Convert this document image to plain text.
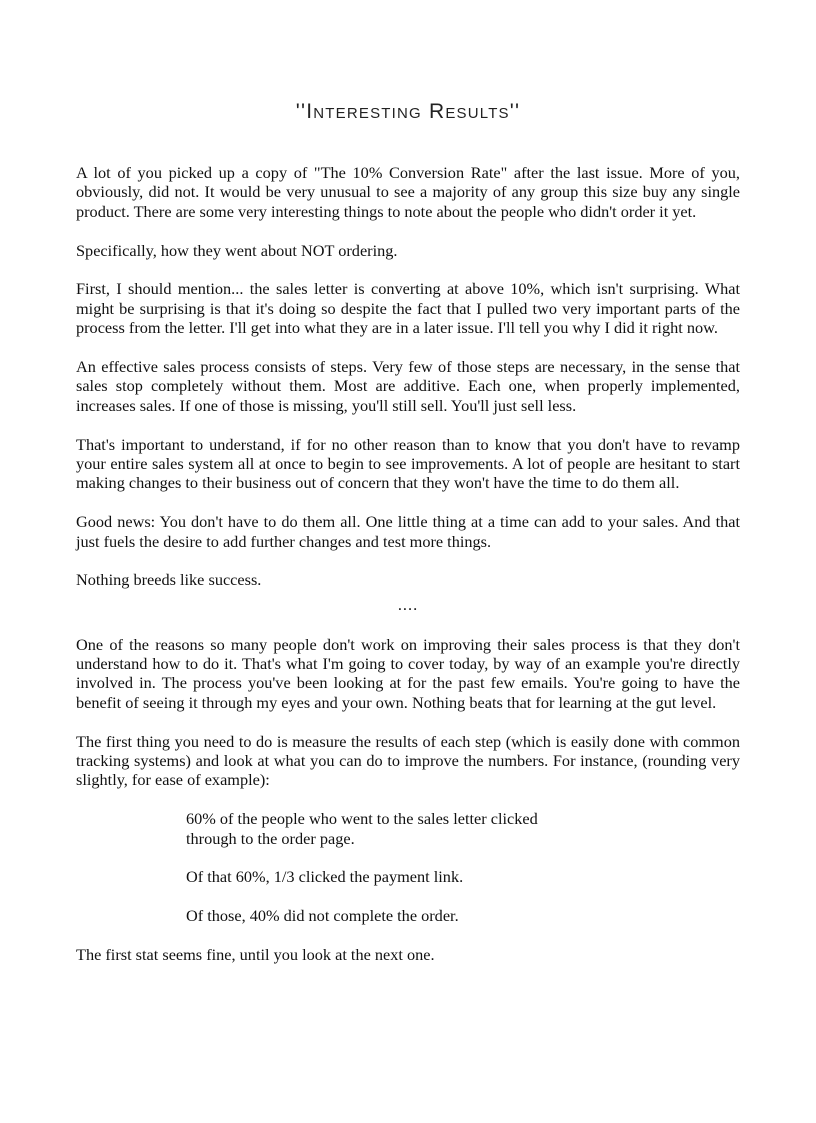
''Interesting Results''

A lot of you picked up a copy of "The 10% Conversion Rate" after the last issue. More of you, obviously, did not. It would be very unusual to see a majority of any group this size buy any single product. There are some very interesting things to note about the people who didn't order it yet.

Specifically, how they went about NOT ordering.

First, I should mention... the sales letter is converting at above 10%, which isn't surprising. What might be surprising is that it's doing so despite the fact that I pulled two very important parts of the process from the letter. I'll get into what they are in a later issue. I'll tell you why I did it right now.

An effective sales process consists of steps. Very few of those steps are necessary, in the sense that sales stop completely without them. Most are additive. Each one, when properly implemented, increases sales. If one of those is missing, you'll still sell. You'll just sell less.

That's important to understand, if for no other reason than to know that you don't have to revamp your entire sales system all at once to begin to see improvements. A lot of people are hesitant to start making changes to their business out of concern that they won't have the time to do them all.

Good news: You don't have to do them all. One little thing at a time can add to your sales. And that just fuels the desire to add further changes and test more things.

Nothing breeds like success.

....

One of the reasons so many people don't work on improving their sales process is that they don't understand how to do it. That's what I'm going to cover today, by way of an example you're directly involved in. The process you've been looking at for the past few emails. You're going to have the benefit of seeing it through my eyes and your own. Nothing beats that for learning at the gut level.

The first thing you need to do is measure the results of each step (which is easily done with common tracking systems) and look at what you can do to improve the numbers. For instance, (rounding very slightly, for ease of example):

60% of the people who went to the sales letter clicked through to the order page.

Of that 60%, 1/3 clicked the payment link.

Of those, 40% did not complete the order.

The first stat seems fine, until you look at the next one.
